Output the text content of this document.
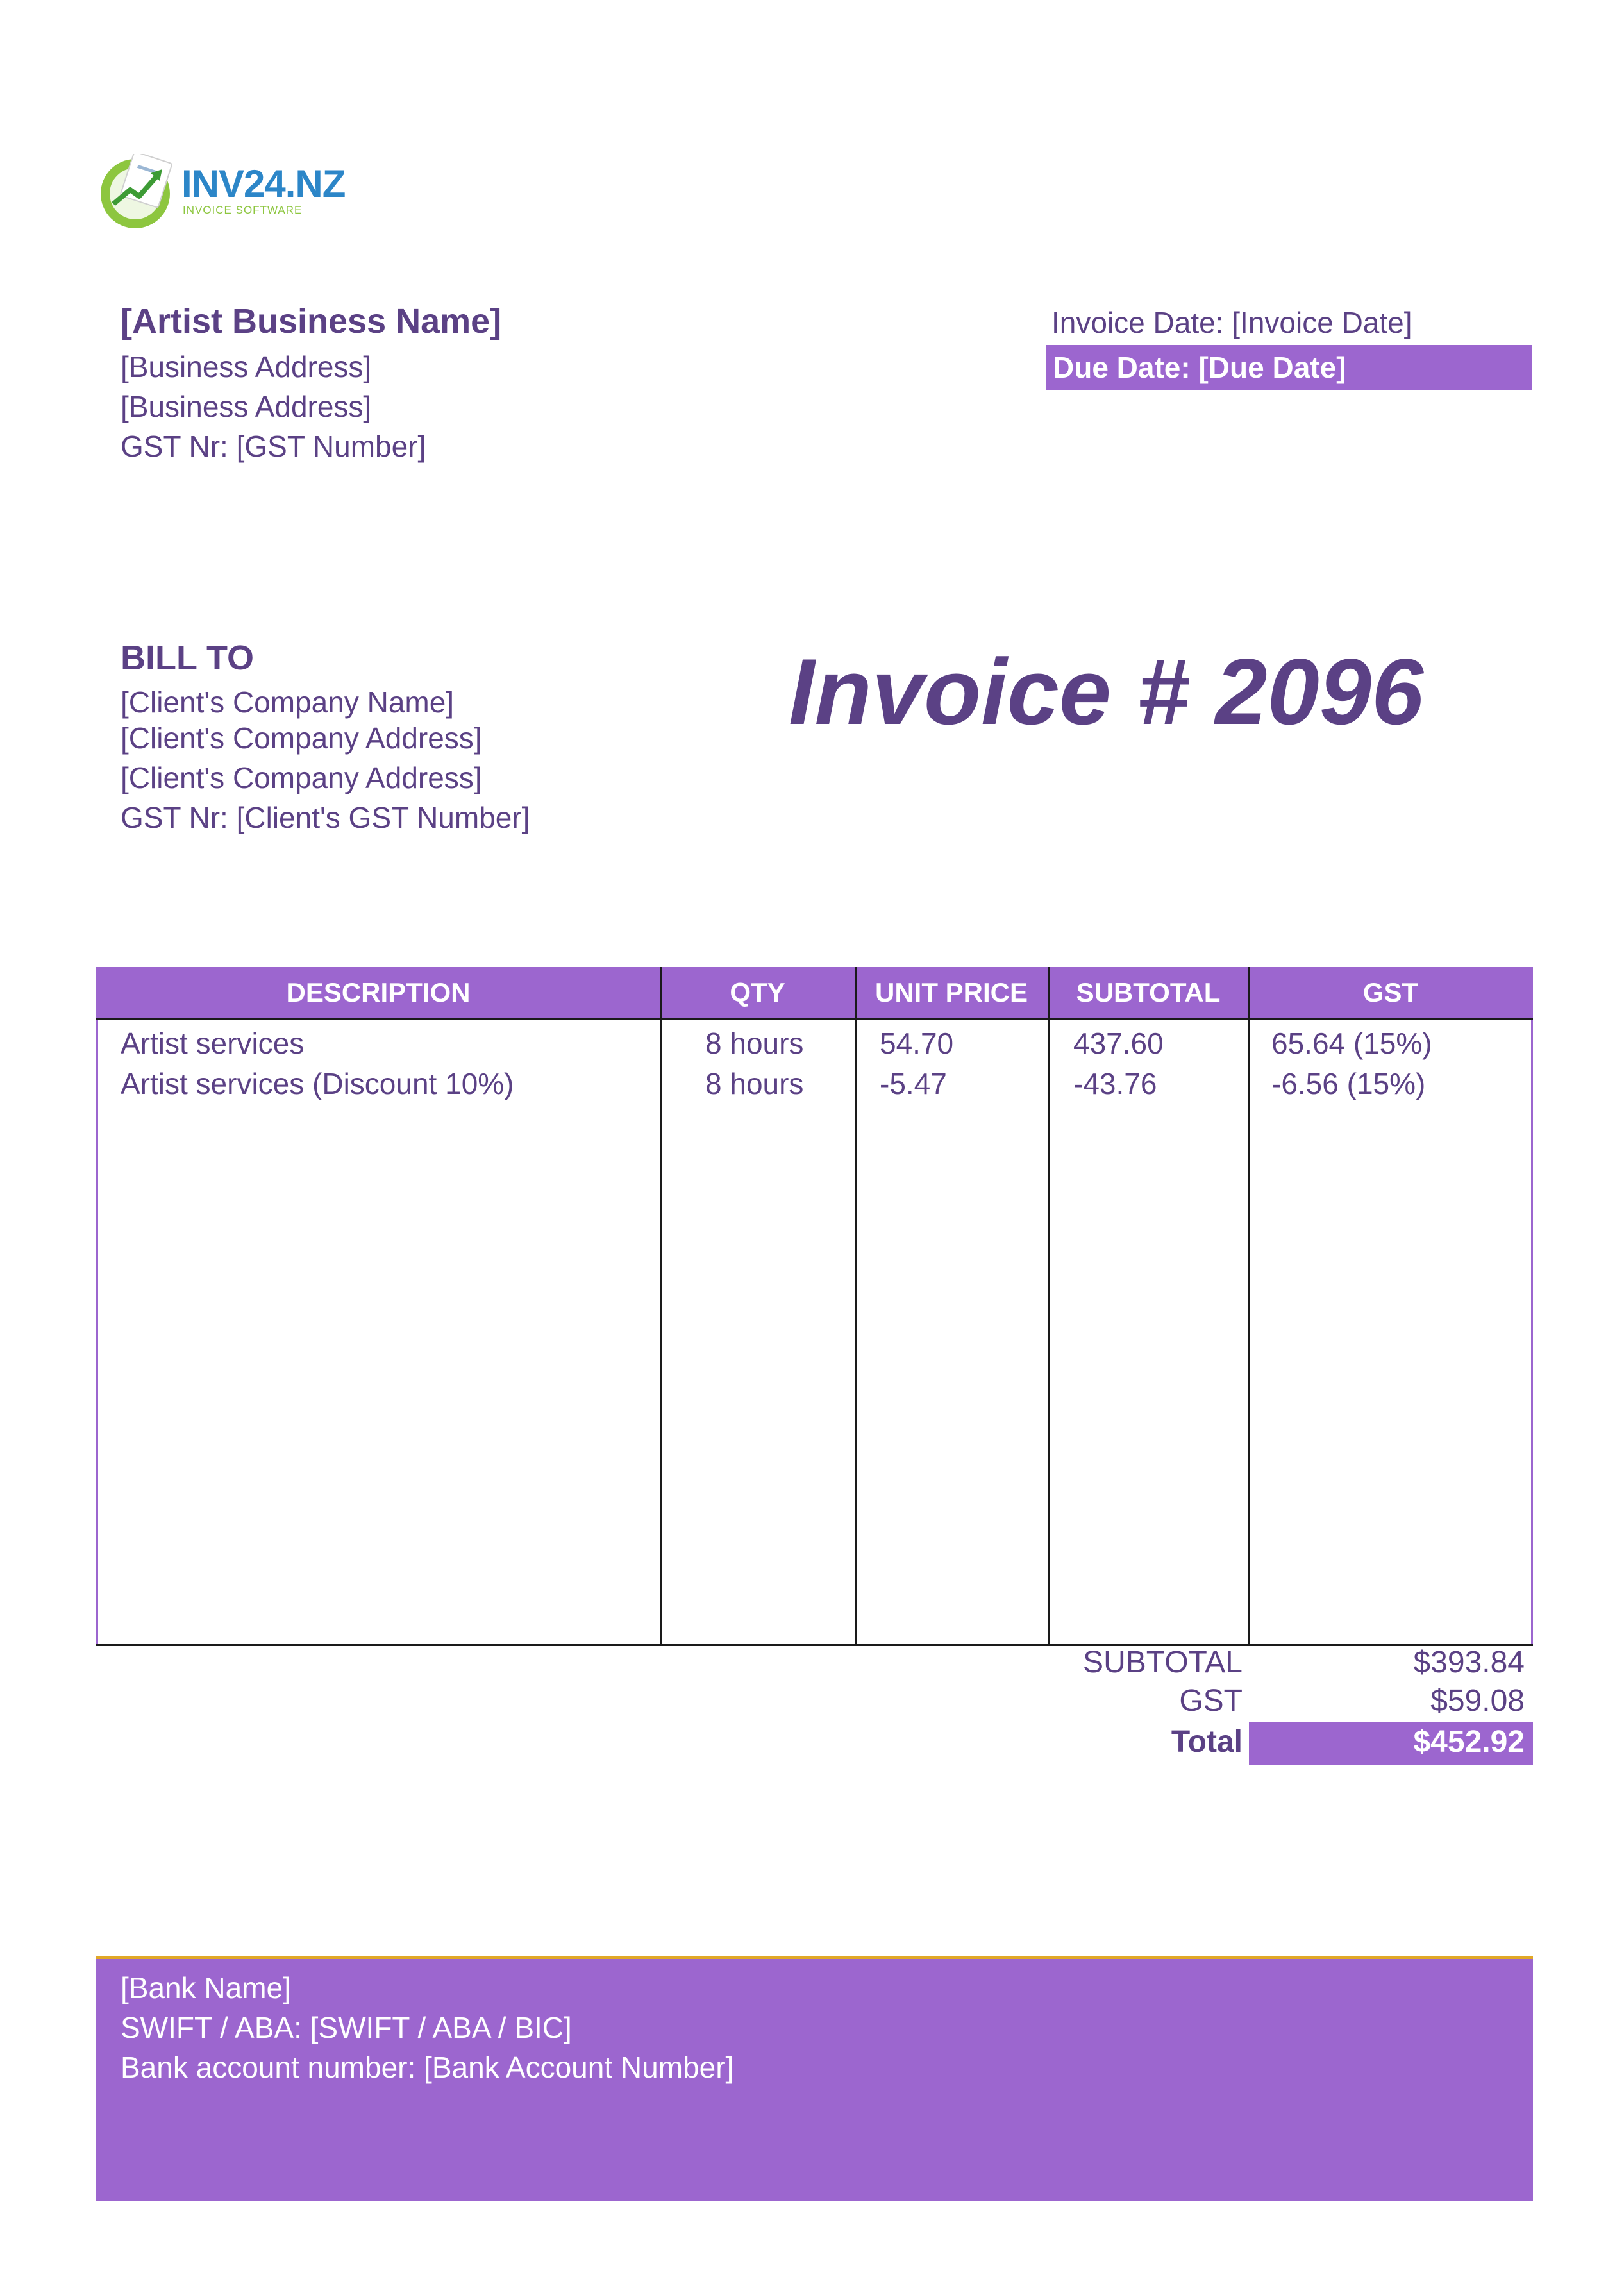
INV24.NZ
INVOICE SOFTWARE
[Artist Business Name]
[Business Address]
[Business Address]
GST Nr: [GST Number]
Invoice Date: [Invoice Date]
Due Date: [Due Date]
BILL TO
[Client's Company Name]
[Client's Company Address]
[Client's Company Address]
GST Nr: [Client's GST Number]
Invoice # 2096
DESCRIPTION	QTY	UNIT PRICE	SUBTOTAL	GST
Artist services	8 hours	54.70	437.60	65.64 (15%)
Artist services (Discount 10%)	8 hours	-5.47	-43.76	-6.56 (15%)
SUBTOTAL	$393.84
GST	$59.08
Total	$452.92
[Bank Name]
SWIFT / ABA: [SWIFT / ABA / BIC]
Bank account number: [Bank Account Number]
